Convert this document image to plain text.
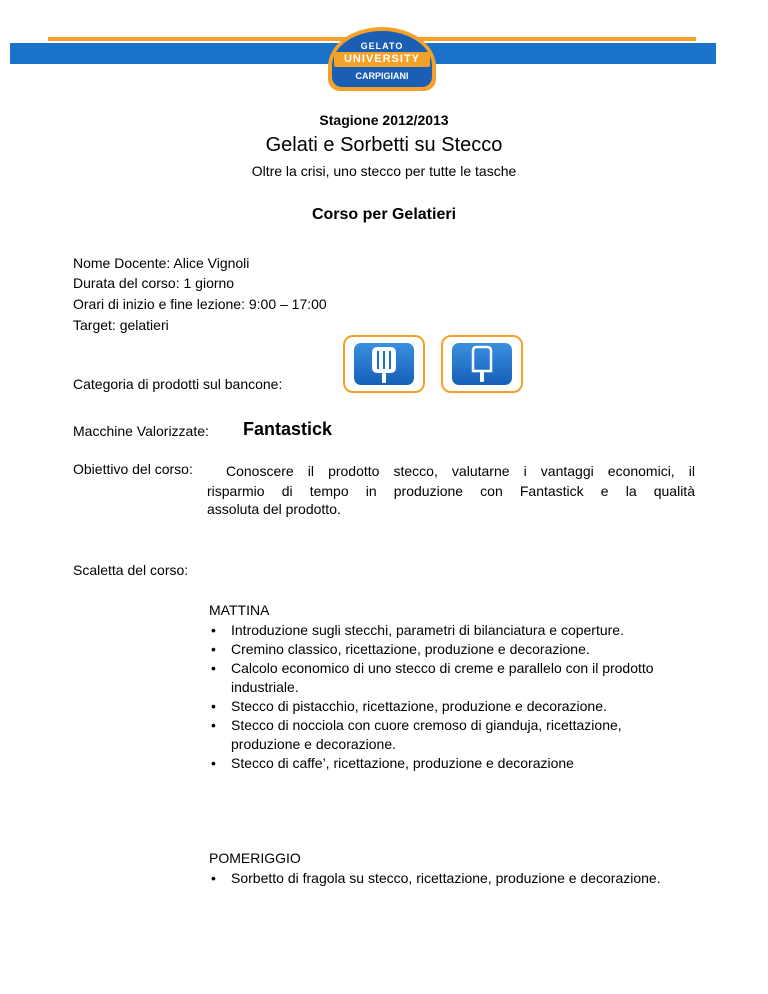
GELATO
UNIVERSITY
CARPIGIANI
Stagione 2012/2013
Gelati e Sorbetti su Stecco
Oltre la crisi, uno stecco per tutte le tasche
Corso per Gelatieri
Nome Docente: Alice Vignoli
Durata del corso: 1 giorno
Orari di inizio e fine lezione: 9:00 – 17:00
Target: gelatieri
Categoria di prodotti sul bancone:
Macchine Valorizzate: Fantastick
Obiettivo del corso: Conoscere il prodotto stecco, valutarne i vantaggi economici, il
risparmio di tempo in produzione con Fantastick e la qualità
assoluta del prodotto.
Scaletta del corso:
MATTINA
• Introduzione sugli stecchi, parametri di bilanciatura e coperture.
• Cremino classico, ricettazione, produzione e decorazione.
• Calcolo economico di uno stecco di creme e parallelo con il prodotto industriale.
• Stecco di pistacchio, ricettazione, produzione e decorazione.
• Stecco di nocciola con cuore cremoso di gianduja, ricettazione, produzione e decorazione.
• Stecco di caffe’, ricettazione, produzione e decorazione
POMERIGGIO
• Sorbetto di fragola su stecco, ricettazione, produzione e decorazione.
